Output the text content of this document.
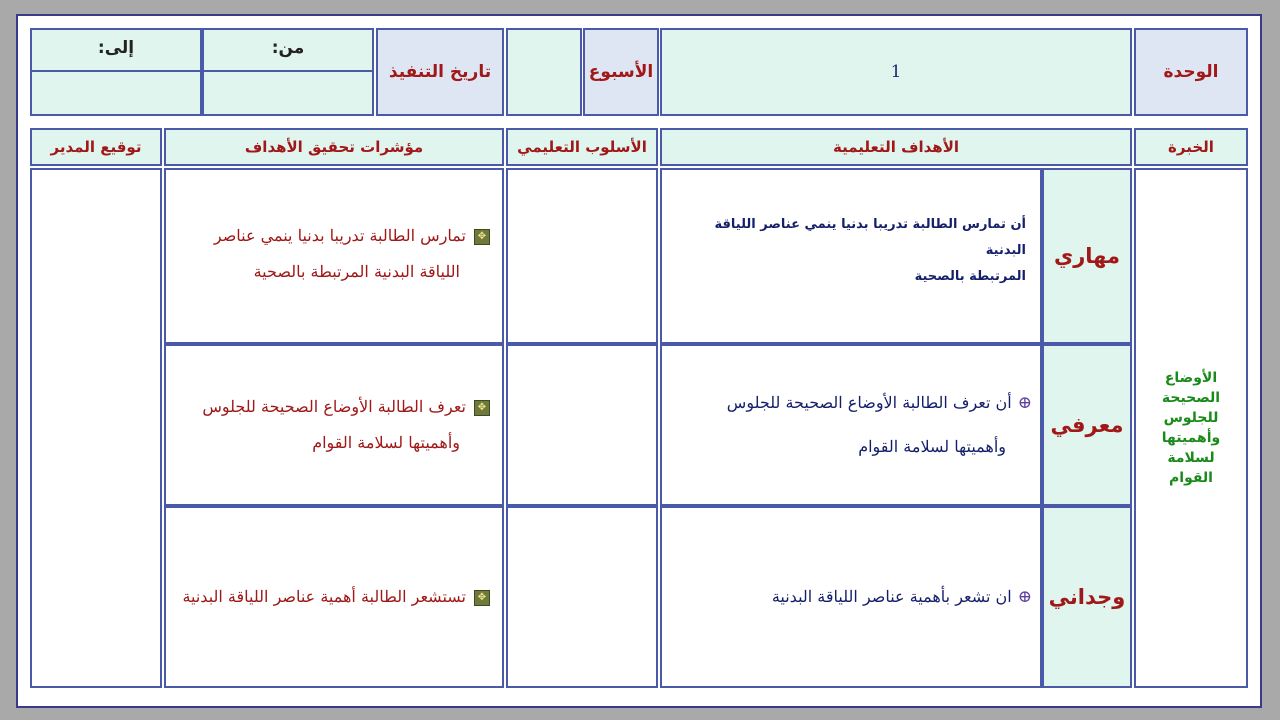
الوحدة
1
الأسبوع
تاريخ التنفيذ
من:
إلى:
الخبرة
الأهداف التعليمية
الأسلوب التعليمي
مؤشرات تحقيق الأهداف
توقيع المدير
الأوضاع
الصحيحة
للجلوس
وأهميتها
لسلامة القوام
مهاري
أن تمارس الطالبة تدريبا بدنيا ينمي عناصر اللياقة البدنية
المرتبطة بالصحية
✥تمارس الطالبة تدريبا بدنيا ينمي عناصر
اللياقة البدنية المرتبطة بالصحية
معرفي
⊕أن تعرف الطالبة الأوضاع الصحيحة للجلوس
وأهميتها لسلامة القوام
✥تعرف الطالبة الأوضاع الصحيحة للجلوس
وأهميتها لسلامة القوام
وجداني
⊕ان تشعر بأهمية عناصر اللياقة البدنية
✥تستشعر الطالبة أهمية عناصر اللياقة البدنية
